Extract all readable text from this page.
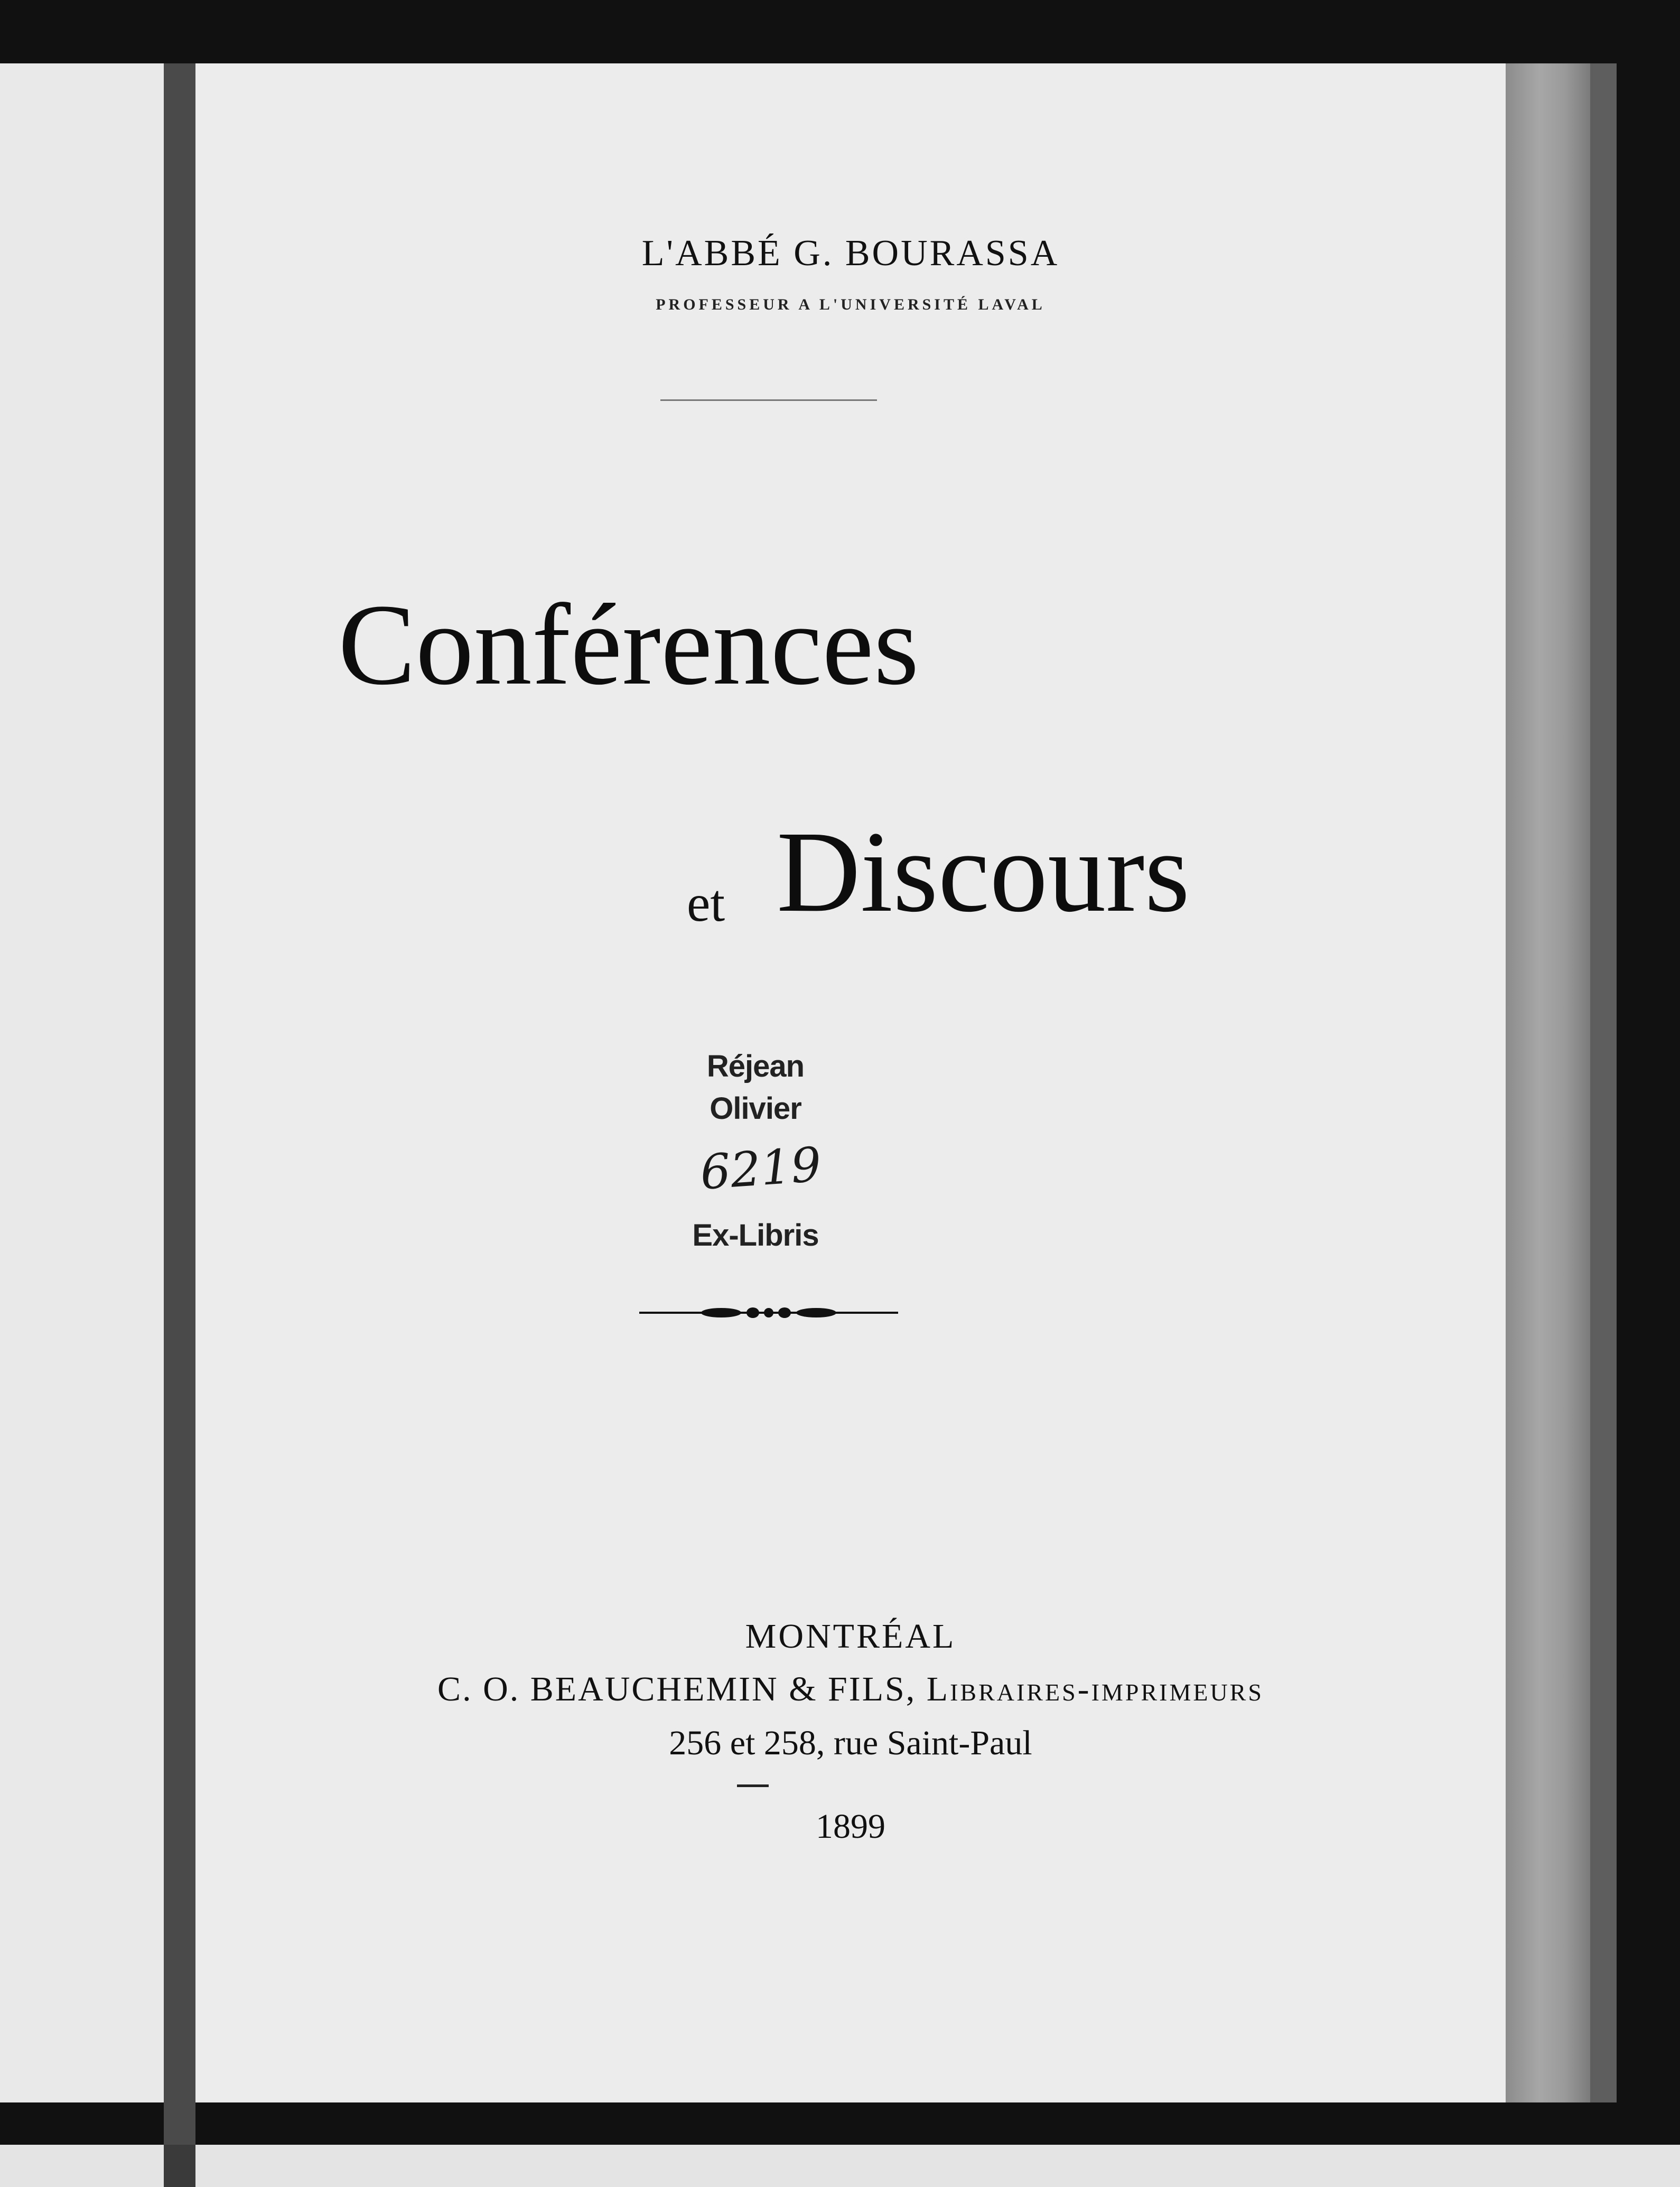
L'ABBÉ G. BOURASSA
PROFESSEUR A L'UNIVERSITÉ LAVAL
Conférences
et Discours
Réjean
Olivier
6219
Ex-Libris
MONTRÉAL
C. O. BEAUCHEMIN & FILS, Libraires-imprimeurs
256 et 258, rue Saint-Paul
1899
